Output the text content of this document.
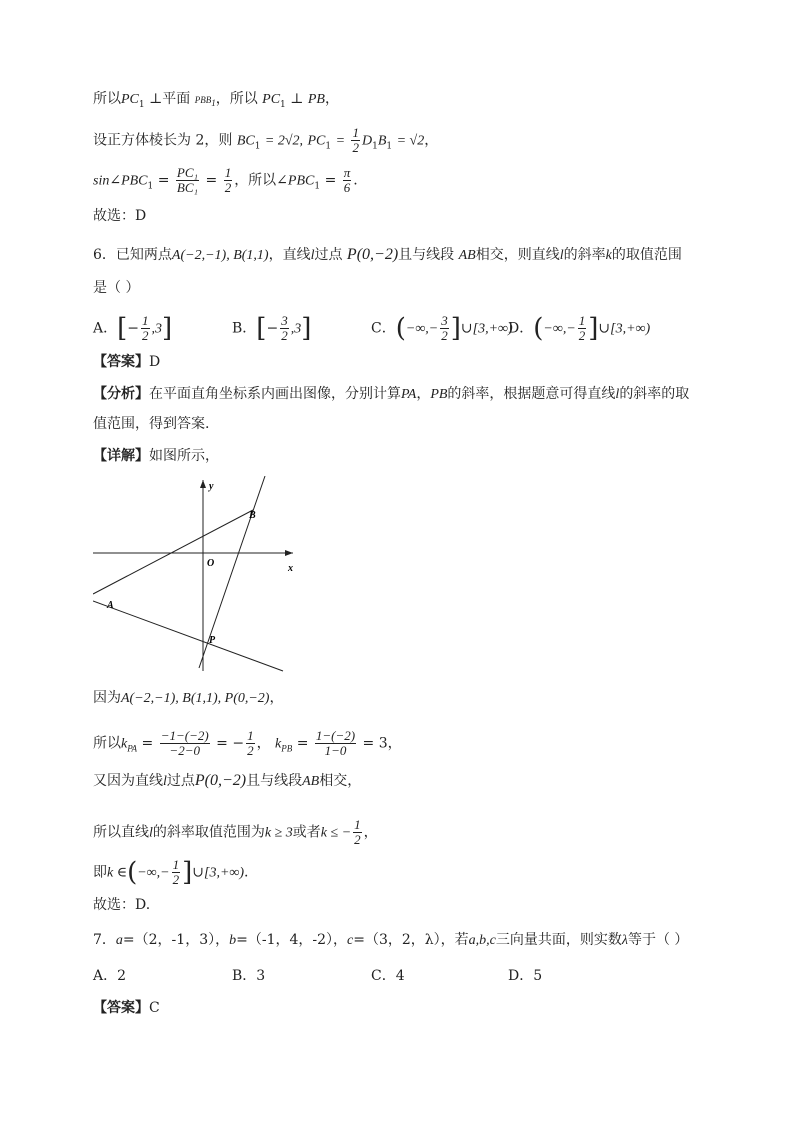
所以$PC_1$ ⊥平面 $PBB_1$，所以 $PC_1$ ⊥ PB，
设正方体棱长为 2，则 $BC_1 = 2√2$, $PC_1 = \frac{1}{2} D_1B_1 = √2$，
$\sin\angle PBC_1 = \frac{\text{PC₁}}{\text{BC₁}} = \frac{1}{2}$ ，所以$\angle PBC_1 = \frac{\pi}{6}$ .
故选：D
6．已知两点A(−2,−1), B(1,1)，直线l过点 P(0,−2)且与线段 AB相交，则直线l的斜率k的取值范围
是（ ）
A．[− $\frac{1}{2} ,3$]	B．[− $\frac{3}{2} ,3$]	C．(−∞,− $\frac{3}{2}$ ]∪[3,+∞)
D．(−∞,− $\frac{1}{2}$ ]∪[3,+∞)
【答案】D
【分析】在平面直角坐标系内画出图像，分别计算PA，PB的斜率，根据题意可得直线l的斜率的取
值范围，得到答案.
【详解】如图所示，
y
x
O
A
B
P
因为A(−2,−1), B(1,1), P(0,−2)，
所以$k_{PA} = \frac{-1-(-2)}{-2-0}$ = − $\frac{1}{2}$ ， $k_{PB} = \frac{1-(-2)}{1-0} = 3$，
又因为直线l过点P(0,−2)且与线段AB相交，
所以直线l的斜率取值范围为k ≥ 3或者k ≤ − $\frac{1}{2}$ ，
即k ∈(−∞,− $\frac{1}{2}$ ]∪[3,+∞).
故选：D.
7．a=（2，-1，3），b=（-1，4，-2），c=（3，2，λ），若a,b,c三向量共面，则实数λ等于（ ）
A．2	B．3	C．4	D．5
【答案】C
